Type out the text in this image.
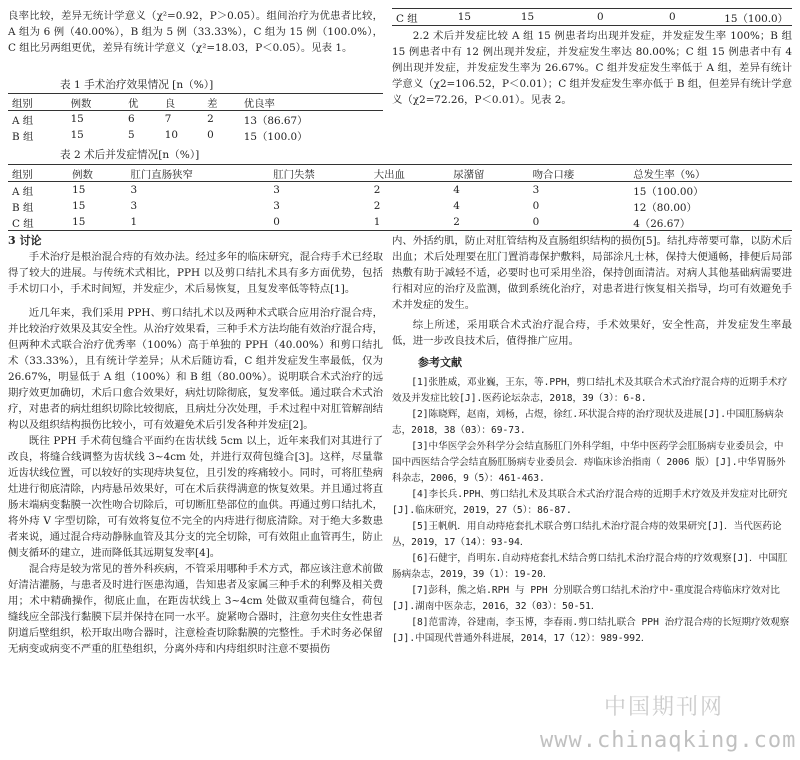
良率比较，差异无统计学意义（χ²=0.92，P＞0.05）。组间治疗为优患者比较，A 组为 6 例（40.00%），B 组为 5 例（33.33%），C 组为 15 例（100.0%），C 组比另两组更优，差异有统计学意义（χ²=18.03，P＜0.05）。见表 1。

表 1 手术治疗效果情况 [n（%）]
组别	例数	优	良	差	优良率
A 组	15	6	7	2	13（86.67）
B 组	15	5	10	0	15（100.0）
C 组	15	15	0	0	15（100.0）

2.2 术后并发症比较 A 组 15 例患者均出现并发症，并发症发生率 100%；B 组 15 例患者中有 12 例出现并发症，并发症发生率达 80.00%；C 组 15 例患者中有 4 例出现并发症，并发症发生率为 26.67%。C 组并发症发生率低于 A 组，差异有统计学意义（χ2=106.52，P＜0.01）；C 组并发症发生率亦低于 B 组，但差异有统计学意义（χ2=72.26，P＜0.01）。见表 2。

表 2 术后并发症情况[n（%）]
组别	例数	肛门直肠狭窄	肛门失禁	大出血	尿潴留	吻合口瘘	总发生率（%）
A 组	15	3	3	2	4	3	15（100.00）
B 组	15	3	3	2	4	0	12（80.00）
C 组	15	1	0	1	2	0	4（26.67）
3 讨论

手术治疗是根治混合痔的有效办法。经过多年的临床研究，混合痔手术已经取得了较大的进展。与传统术式相比，PPH 以及剪口结扎术具有多方面优势，包括手术切口小，手术时间短，并发症少，术后易恢复，且复发率低等特点[1]。

近几年来，我们采用 PPH、剪口结扎术以及两种术式联合应用治疗混合痔，并比较治疗效果及其安全性。从治疗效果看，三种手术方法均能有效治疗混合痔，但两种术式联合治疗优秀率（100%）高于单独的 PPH（40.00%）和剪口结扎术（33.33%），且有统计学差异；从术后随访看，C 组并发症发生率最低，仅为 26.67%，明显低于 A 组（100%）和 B 组（80.00%）。说明联合术式治疗的远期疗效更加确切，术后口愈合效果好，病灶切除彻底，复发率低。通过联合术式治疗，对患者的病灶组织切除比较彻底，且病灶分次处理，手术过程中对肛管解剖结构以及组织结构损伤比较小，可有效避免术后引发各种并发症[2]。

既往 PPH 手术荷包缝合平面约在齿状线 5cm 以上，近年来我们对其进行了改良，将缝合线调整为齿状线 3~4cm 处，并进行双荷包缝合[3]。这样，尽量靠近齿状线位置，可以较好的实现痔块复位，且引发的疼痛较小。同时，可将肛垫病灶进行彻底清除，内痔悬吊效果好，可在术后获得满意的恢复效果。并且通过将直肠末端病变黏膜一次性吻合切除后，可切断肛垫部位的血供。再通过剪口结扎术，将外痔 V 字型切除，可有效将复位不完全的内痔进行彻底清除。对于绝大多数患者来说，通过混合痔动静脉血管及其分支的完全切除，可有效阻止血管再生，防止侧支循环的建立，进而降低其远期复发率[4]。

混合痔是较为常见的普外科疾病，不管采用哪种手术方式，都应该注意术前做好清洁灌肠，与患者及时进行医患沟通，告知患者及家属三种手术的利弊及相关费用；术中精确操作，彻底止血，在距齿状线上 3~4cm 处做双重荷包缝合，荷包缝线应全部浅行黏膜下层并保持在同一水平。旋紧吻合器时，注意勿夹住女性患者阴道后壁组织，松开取出吻合器时，注意检查切除黏膜的完整性。手术时务必保留无病变或病变不严重的肛垫组织，分离外痔和内痔组织时注意不要损伤

内、外括约肌，防止对肛管结构及直肠组织结构的损伤[5]。结扎痔蒂要可靠，以防术后出血；术后处理要在肛门置消毒保护敷料，局部涂凡士林，保持大便通畅，排便后局部热敷有助于减轻不适，必要时也可采用坐浴，保持创面清洁。对病人其他基础病需要进行相对应的治疗及监测，做到系统化治疗，对患者进行恢复相关指导，均可有效避免手术并发症的发生。

综上所述，采用联合术式治疗混合痔，手术效果好，安全性高，并发症发生率最低，进一步改良技术后，值得推广应用。

参考文献

[1]张胜威，邓业巍，王东，等.PPH，剪口结扎术及其联合术式治疗混合痔的近期手术疗效及并发症比较[J].医药论坛杂志，2018，39（3）：6-8.

[2]陈晓辉，赵南，刘杨，占煜，徐红.环状混合痔的治疗现状及进展[J].中国肛肠病杂志，2018，38（03）：69-73.

[3]中华医学会外科学分会结直肠肛门外科学组，中华中医药学会肛肠病专业委员会，中国中西医结合学会结直肠肛肠病专业委员会．痔临床诊治指南（ 2006 版）[J].中华胃肠外科杂志，2006，9（5）：461-463.

[4]李长兵.PPH、剪口结扎术及其联合术式治疗混合痔的近期手术疗效及并发症对比研究[J].临床研究，2019，27（5）：86-87.

[5]王帆帆．用自动痔疮套扎术联合剪口结扎术治疗混合痔的效果研究[J]．当代医药论丛，2019，17（14）：93-94．

[6]石健宇，肖明东.自动痔疮套扎术结合剪口结扎术治疗混合痔的疗效观察[J]．中国肛肠病杂志，2019，39（1）：19-20．

[7]彭科，熊之焰.RPH 与 PPH 分别联合剪口结扎术治疗中-重度混合痔临床疗效对比[J].湖南中医杂志，2016，32（03）：50-51．

[8]范雷涛，谷建南，李玉博，李春雨.剪口结扎联合 PPH 治疗混合痔的长短期疗效观察[J].中国现代普通外科进展，2014，17（12）：989-992．

中国期刊网
www.chinaqking.com
